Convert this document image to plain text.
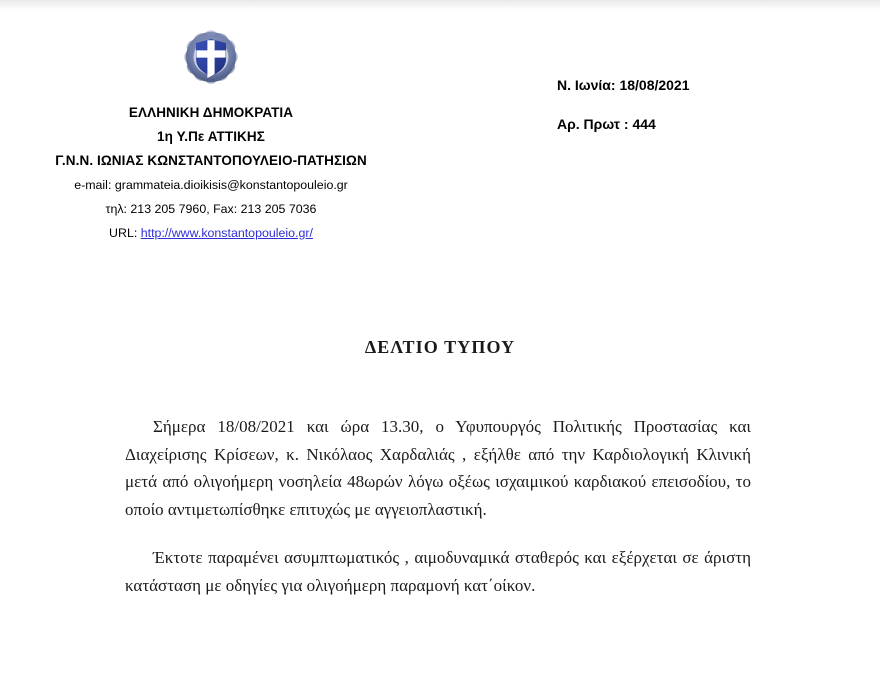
ΕΛΛΗΝΙΚΗ ΔΗΜΟΚΡΑΤΙΑ
1η Υ.Πε ΑΤΤΙΚΗΣ
Γ.Ν.Ν. ΙΩΝΙΑΣ ΚΩΝΣΤΑΝΤΟΠΟΥΛΕΙΟ-ΠΑΤΗΣΙΩΝ
e-mail: grammateia.dioikisis@konstantopouleio.gr
τηλ: 213 205 7960, Fax: 213 205 7036
URL: http://www.konstantopouleio.gr/
Ν. Ιωνία: 18/08/2021
Αρ. Πρωτ : 444
ΔΕΛΤΙΟ ΤΥΠΟΥ

Σήμερα 18/08/2021 και ώρα 13.30, ο Υφυπουργός Πολιτικής Προστασίας και Διαχείρισης Κρίσεων, κ. Νικόλαος Χαρδαλιάς , εξήλθε από την Καρδιολογική Κλινική μετά από ολιγοήμερη νοσηλεία 48ωρών λόγω οξέως ισχαιμικού καρδιακού επεισοδίου, το οποίο αντιμετωπίσθηκε επιτυχώς με αγγειοπλαστική.

Έκτοτε παραμένει ασυμπτωματικός , αιμοδυναμικά σταθερός και εξέρχεται σε άριστη κατάσταση με οδηγίες για ολιγοήμερη παραμονή κατ΄οίκον.
